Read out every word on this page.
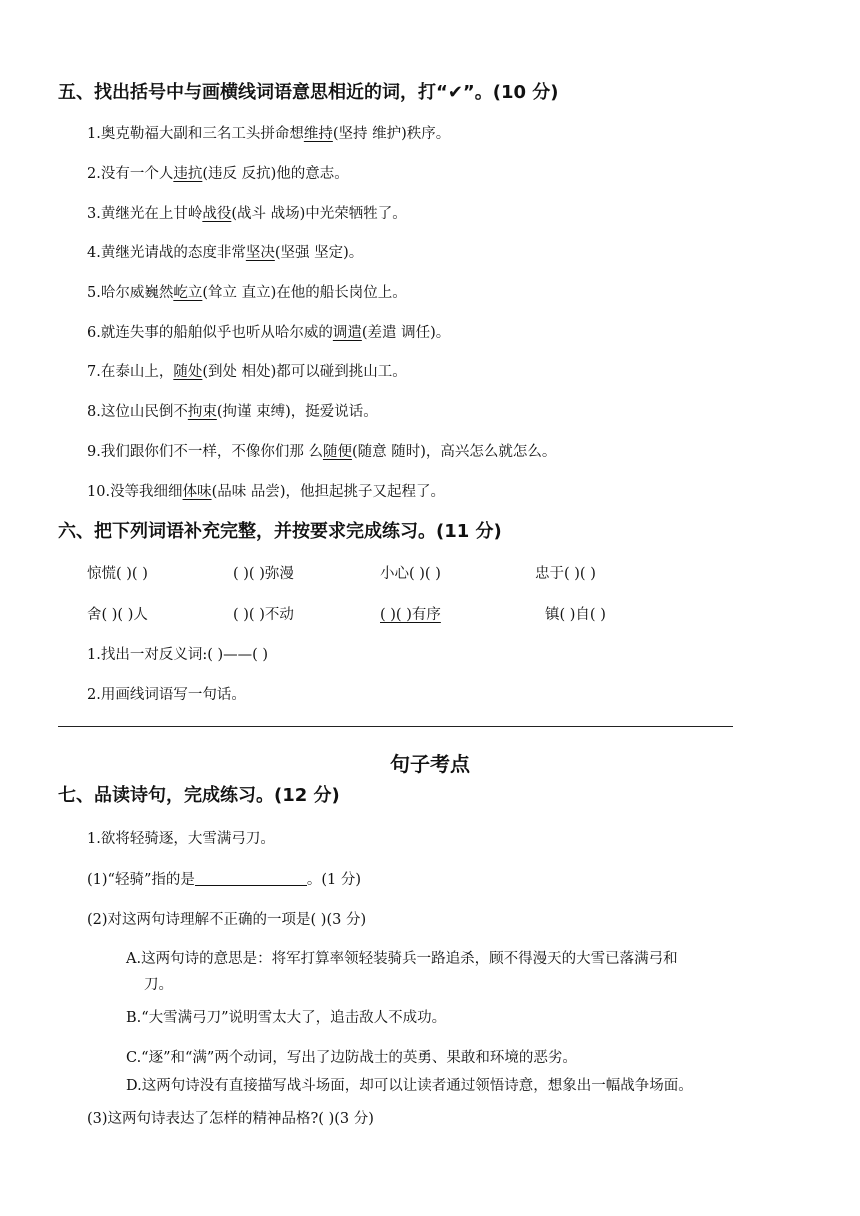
五、找出括号中与画横线词语意思相近的词，打“✔”。(10 分)
1.奥克勒福大副和三名工头拼命想维持(坚持 维护)秩序。
2.没有一个人违抗(违反 反抗)他的意志。
3.黄继光在上甘岭战役(战斗 战场)中光荣牺牲了。
4.黄继光请战的态度非常坚决(坚强 坚定)。
5.哈尔威巍然屹立(耸立 直立)在他的船长岗位上。
6.就连失事的船舶似乎也听从哈尔威的调遣(差遣 调任)。
7.在泰山上，随处(到处 相处)都可以碰到挑山工。
8.这位山民倒不拘束(拘谨 束缚)，挺爱说话。
9.我们跟你们不一样，不像你们那 么随便(随意 随时)，高兴怎么就怎么。
10.没等我细细体味(品味 品尝)，他担起挑子又起程了。
六、把下列词语补充完整，并按要求完成练习。(11 分)
惊慌( )( )	( )( )弥漫	小心( )( )	忠于( )( )
舍( )( )人	( )( )不动	( )( )有序	镇( )自( )
1.找出一对反义词:( )——( )
2.用画线词语写一句话。
句子考点
七、品读诗句，完成练习。(12 分)
1.欲将轻骑逐，大雪满弓刀。
(1)“轻骑”指的是	。(1 分)
(2)对这两句诗理解不正确的一项是( )(3 分)
A.这两句诗的意思是：将军打算率领轻装骑兵一路追杀，顾不得漫天的大雪已落满弓和
刀。
B.“大雪满弓刀”说明雪太大了，追击敌人不成功。
C.“逐”和“满”两个动词，写出了边防战士的英勇、果敢和环境的恶劣。
D.这两句诗没有直接描写战斗场面，却可以让读者通过领悟诗意，想象出一幅战争场面。
(3)这两句诗表达了怎样的精神品格?( )(3 分)
